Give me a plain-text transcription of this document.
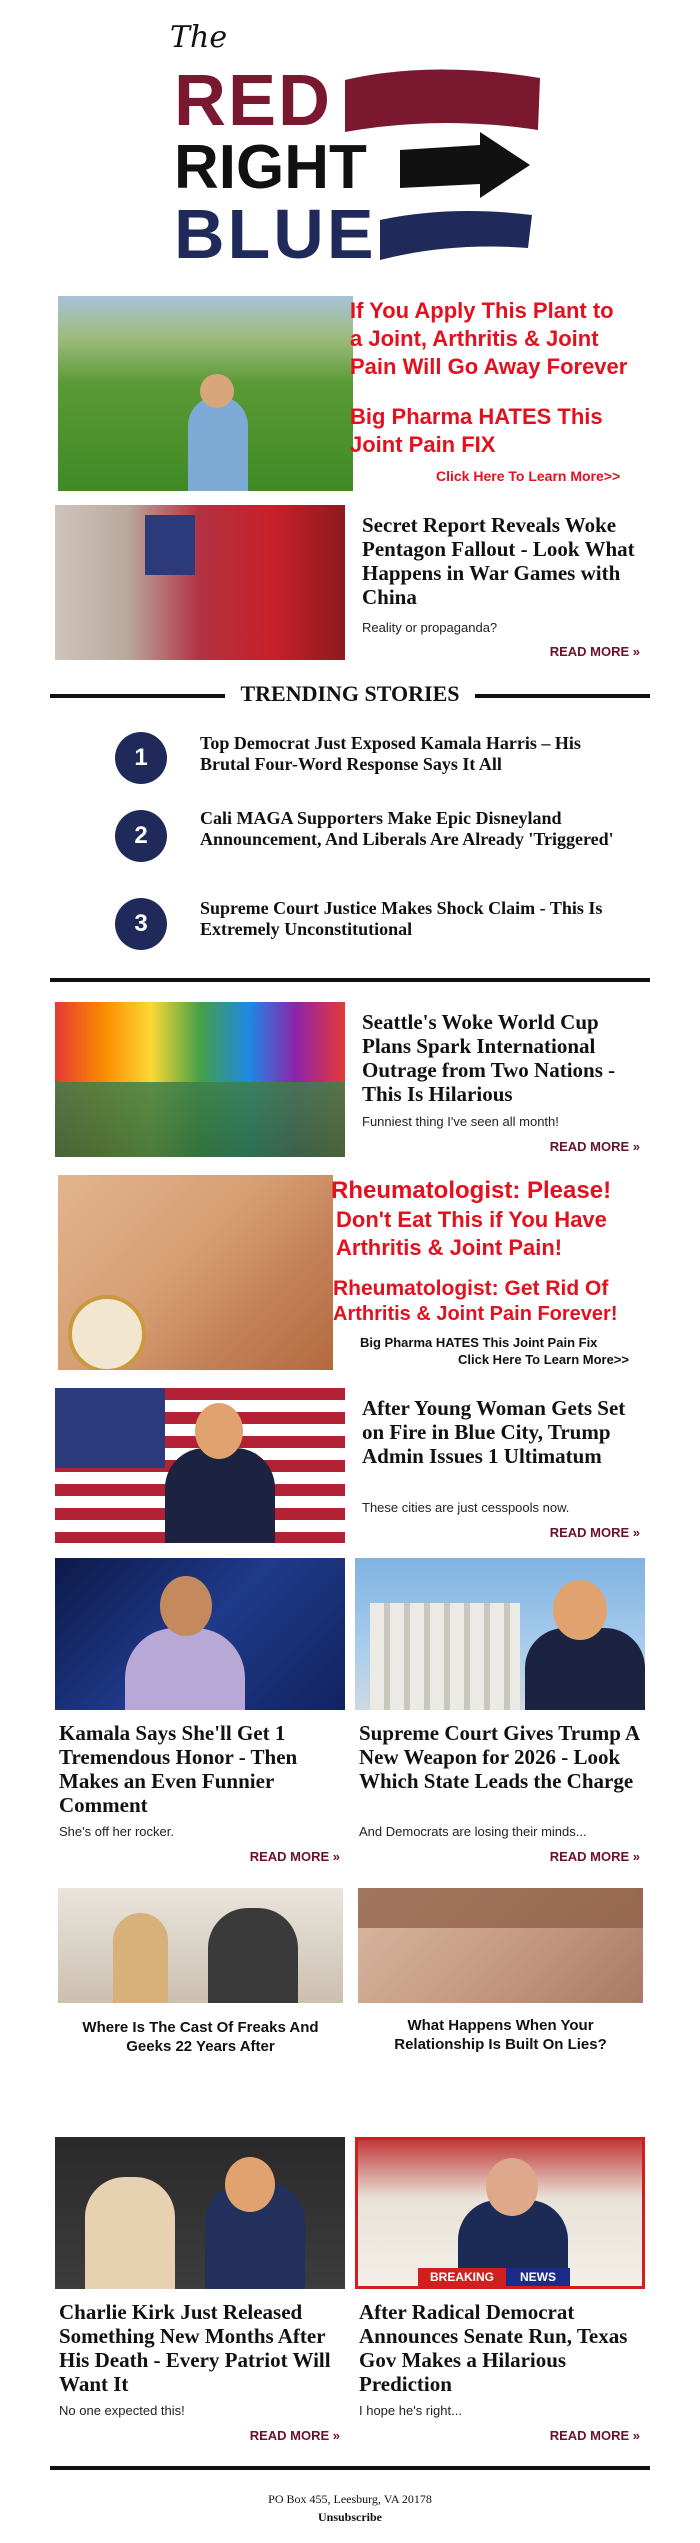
The
RED
RIGHT
BLUE
If You Apply This Plant to
a Joint, Arthritis & Joint
Pain Will Go Away Forever
Big Pharma HATES This
Joint Pain FIX
Click Here To Learn More>>
Secret Report Reveals Woke Pentagon Fallout - Look What Happens in War Games with China
Reality or propaganda?
READ MORE »
TRENDING STORIES
1
Top Democrat Just Exposed Kamala Harris – His Brutal Four-Word Response Says It All
2
Cali MAGA Supporters Make Epic Disneyland Announcement, And Liberals Are Already 'Triggered'
3
Supreme Court Justice Makes Shock Claim - This Is Extremely Unconstitutional
Seattle's Woke World Cup Plans Spark International Outrage from Two Nations - This Is Hilarious
Funniest thing I've seen all month!
READ MORE »
Rheumatologist: Please!
Don't Eat This if You Have
Arthritis & Joint Pain!
Rheumatologist: Get Rid Of
Arthritis & Joint Pain Forever!
Big Pharma HATES This Joint Pain Fix
Click Here To Learn More>>
After Young Woman Gets Set on Fire in Blue City, Trump Admin Issues 1 Ultimatum
These cities are just cesspools now.
READ MORE »
Kamala Says She'll Get 1 Tremendous Honor - Then Makes an Even Funnier Comment
She's off her rocker.
READ MORE »
Supreme Court Gives Trump A New Weapon for 2026 - Look Which State Leads the Charge
And Democrats are losing their minds...
READ MORE »
Where Is The Cast Of Freaks And Geeks 22 Years After
What Happens When Your Relationship Is Built On Lies?
Charlie Kirk Just Released Something New Months After His Death - Every Patriot Will Want It
No one expected this!
READ MORE »
BREAKING	NEWS
After Radical Democrat Announces Senate Run, Texas Gov Makes a Hilarious Prediction
I hope he's right...
READ MORE »
PO Box 455, Leesburg, VA 20178
Unsubscribe
